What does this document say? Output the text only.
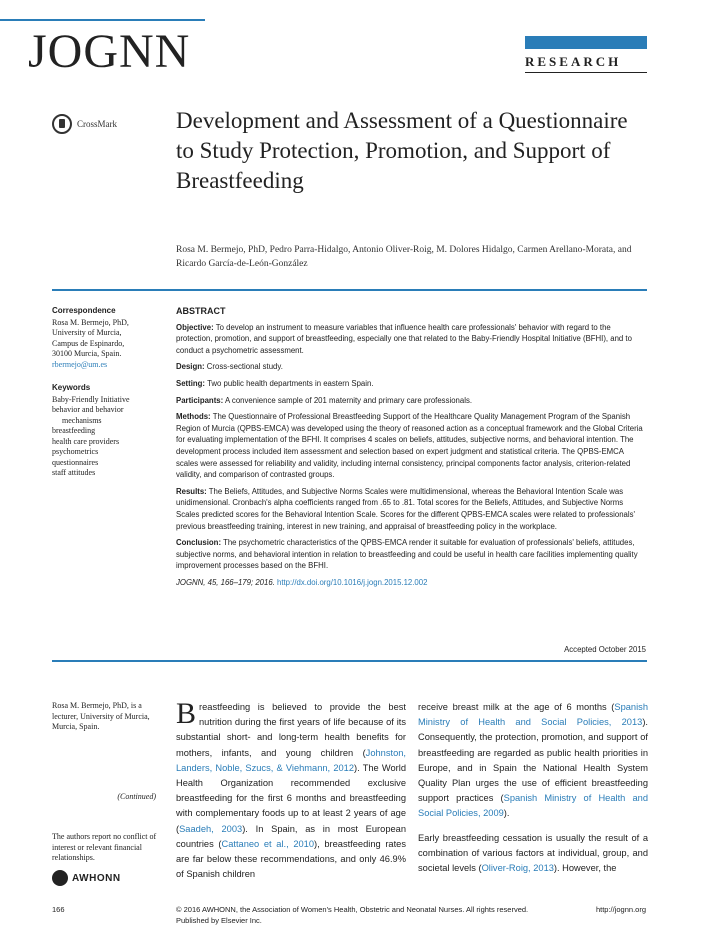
JOGNN	RESEARCH
CrossMark	Development and Assessment of a Questionnaire to Study Protection, Promotion, and Support of Breastfeeding
Rosa M. Bermejo, PhD, Pedro Parra-Hidalgo, Antonio Oliver-Roig, M. Dolores Hidalgo, Carmen Arellano-Morata, and Ricardo García-de-León-González
Correspondence
Rosa M. Bermejo, PhD,
University of Murcia,
Campus de Espinardo,
30100 Murcia, Spain.
rbermejo@um.es
Keywords
Baby-Friendly Initiative
behavior and behavior
mechanisms
breastfeeding
health care providers
psychometrics
questionnaires
staff attitudes
ABSTRACT

Objective: To develop an instrument to measure variables that influence health care professionals' behavior with regard to the protection, promotion, and support of breastfeeding, especially one that related to the Baby-Friendly Hospital Initiative (BFHI), and to conduct a psychometric assessment.

Design: Cross-sectional study.

Setting: Two public health departments in eastern Spain.

Participants: A convenience sample of 201 maternity and primary care professionals.

Methods: The Questionnaire of Professional Breastfeeding Support of the Healthcare Quality Management Program of the Spanish Region of Murcia (QPBS-EMCA) was developed using the theory of reasoned action as a conceptual framework and the Global Criteria for evaluating implementation of the BFHI. It comprises 4 scales on beliefs, attitudes, subjective norms, and behavioral intention. The development process included item assessment and selection based on expert judgment and statistical criteria. The QPBS-EMCA scales were assessed for reliability and validity, including internal consistency, principal components factor analysis, criterion-related validity, and comparison of contrasted groups.

Results: The Beliefs, Attitudes, and Subjective Norms Scales were multidimensional, whereas the Behavioral Intention Scale was unidimensional. Cronbach's alpha coefficients ranged from .65 to .81. Total scores for the Beliefs, Attitudes, and Subjective Norms Scales predicted scores for the Behavioral Intention Scale. Scores for the different QPBS-EMCA scales were related to professionals' previous breastfeeding training, interest in new training, and appraisal of breastfeeding policy in the workplace.

Conclusion: The psychometric characteristics of the QPBS-EMCA render it suitable for evaluation of professionals' beliefs, attitudes, subjective norms, and behavioral intention in relation to breastfeeding and could be useful in health care facilities implementing quality improvement processes based on the BFHI.

JOGNN, 45, 166–179; 2016. http://dx.doi.org/10.1016/j.jogn.2015.12.002

Accepted October 2015
Rosa M. Bermejo, PhD, is a lecturer, University of Murcia, Murcia, Spain.
(Continued)
The authors report no conflict of interest or relevant financial relationships.
AWHONN

Breastfeeding is believed to provide the best nutrition during the first years of life because of its substantial short- and long-term health benefits for mothers, infants, and young children (Johnston, Landers, Noble, Szucs, & Viehmann, 2012). The World Health Organization recommended exclusive breastfeeding for the first 6 months and breastfeeding with complementary foods up to at least 2 years of age (Saadeh, 2003). In Spain, as in most European countries (Cattaneo et al., 2010), breastfeeding rates are far below these recommendations, and only 46.9% of Spanish children

receive breast milk at the age of 6 months (Spanish Ministry of Health and Social Policies, 2013). Consequently, the protection, promotion, and support of breastfeeding are regarded as public health priorities in Europe, and in Spain the National Health System Quality Plan urges the use of efficient breastfeeding support practices (Spanish Ministry of Health and Social Policies, 2009).

Early breastfeeding cessation is usually the result of a combination of various factors at individual, group, and societal levels (Oliver-Roig, 2013). However, the

166	http://jognn.org
© 2016 AWHONN, the Association of Women's Health, Obstetric and Neonatal Nurses. All rights reserved.
Published by Elsevier Inc.
